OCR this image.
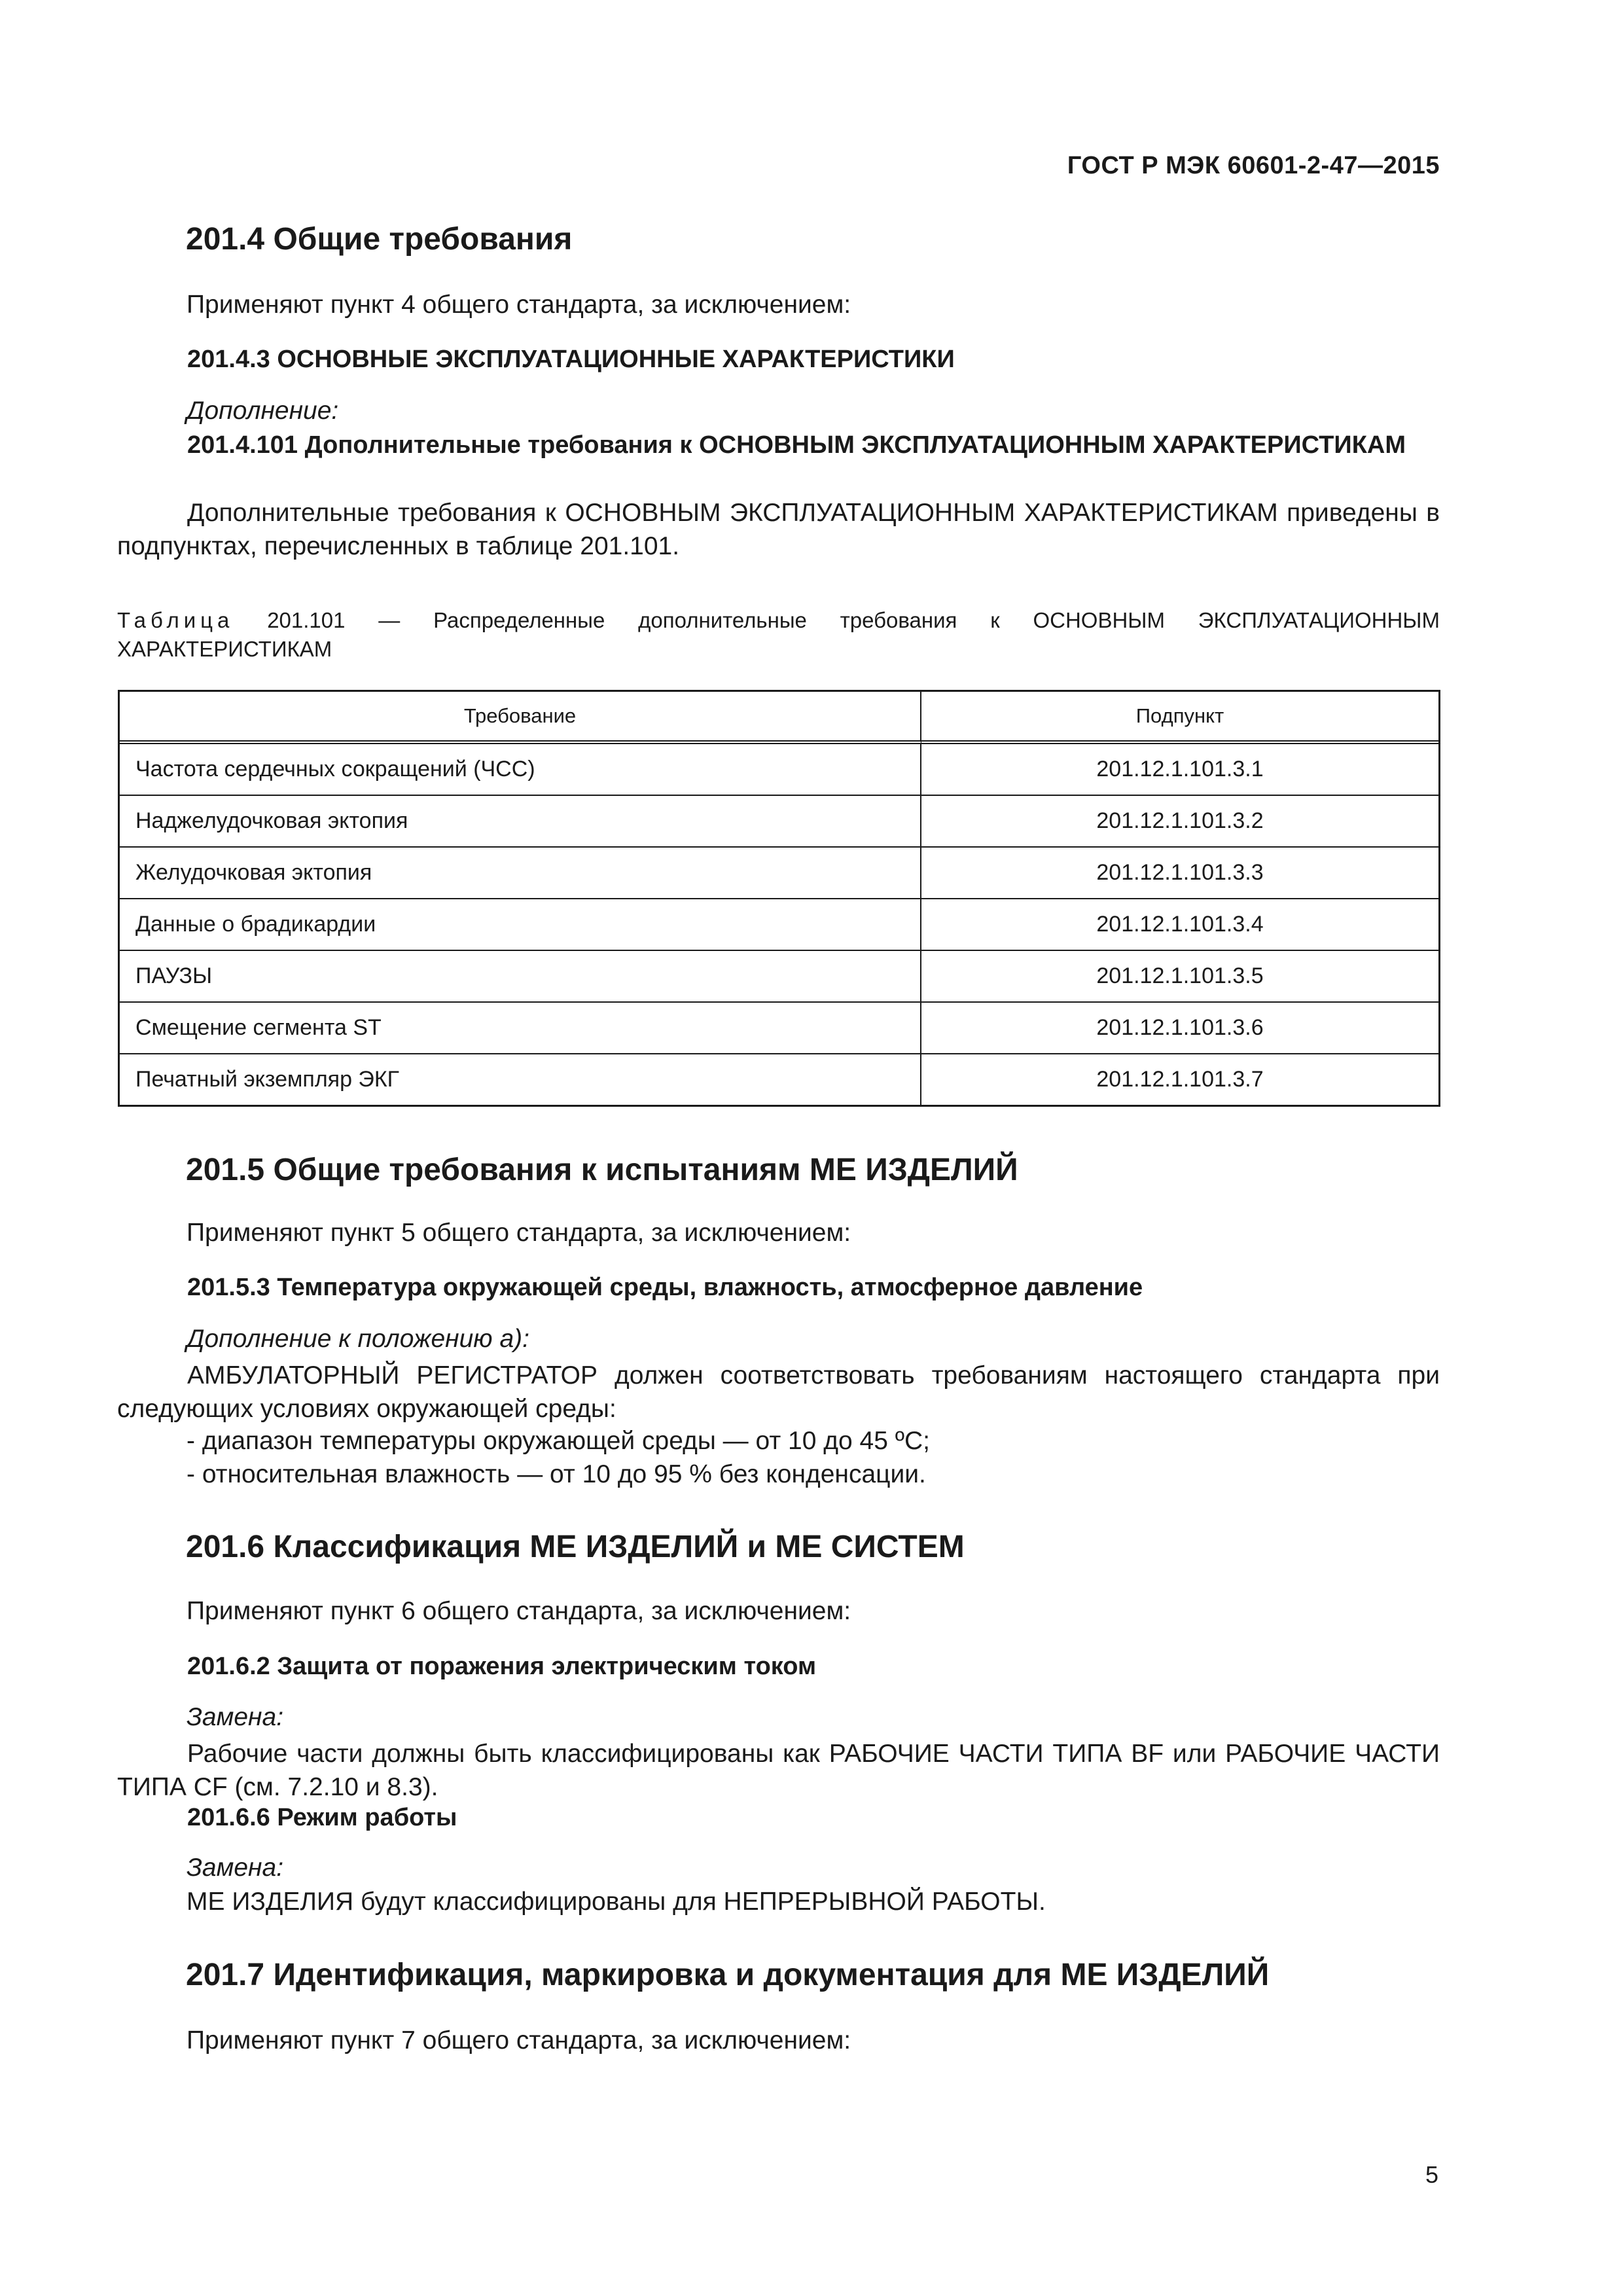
ГОСТ Р МЭК 60601-2-47—2015
201.4 Общие требования
Применяют пункт 4 общего стандарта, за исключением:
201.4.3 ОСНОВНЫЕ ЭКСПЛУАТАЦИОННЫЕ ХАРАКТЕРИСТИКИ
Дополнение:
201.4.101 Дополнительные требования к ОСНОВНЫМ ЭКСПЛУАТАЦИОННЫМ ХАРАКТЕРИСТИКАМ
Дополнительные требования к ОСНОВНЫМ ЭКСПЛУАТАЦИОННЫМ ХАРАКТЕРИСТИКАМ приведены в подпунктах, перечисленных в таблице 201.101.
Таблица 201.101 — Распределенные дополнительные требования к ОСНОВНЫМ ЭКСПЛУАТАЦИОННЫМ ХАРАКТЕРИСТИКАМ
Требование	Подпункт
Частота сердечных сокращений (ЧСС)	201.12.1.101.3.1
Наджелудочковая эктопия	201.12.1.101.3.2
Желудочковая эктопия	201.12.1.101.3.3
Данные о брадикардии	201.12.1.101.3.4
ПАУЗЫ	201.12.1.101.3.5
Смещение сегмента ST	201.12.1.101.3.6
Печатный экземпляр ЭКГ	201.12.1.101.3.7
201.5 Общие требования к испытаниям МЕ ИЗДЕЛИЙ
Применяют пункт 5 общего стандарта, за исключением:
201.5.3 Температура окружающей среды, влажность, атмосферное давление
Дополнение к положению а):
АМБУЛАТОРНЫЙ РЕГИСТРАТОР должен соответствовать требованиям настоящего стандарта при следующих условиях окружающей среды:
- диапазон температуры окружающей среды — от 10 до 45 ºС;
- относительная влажность — от 10 до 95 % без конденсации.
201.6 Классификация МЕ ИЗДЕЛИЙ и МЕ СИСТЕМ
Применяют пункт 6 общего стандарта, за исключением:
201.6.2 Защита от поражения электрическим током
Замена:
Рабочие части должны быть классифицированы как РАБОЧИЕ ЧАСТИ ТИПА BF или РАБОЧИЕ ЧАСТИ ТИПА CF (см. 7.2.10 и 8.3).
201.6.6 Режим работы
Замена:
МЕ ИЗДЕЛИЯ будут классифицированы для НЕПРЕРЫВНОЙ РАБОТЫ.
201.7 Идентификация, маркировка и документация для МЕ ИЗДЕЛИЙ
Применяют пункт 7 общего стандарта, за исключением:
5
